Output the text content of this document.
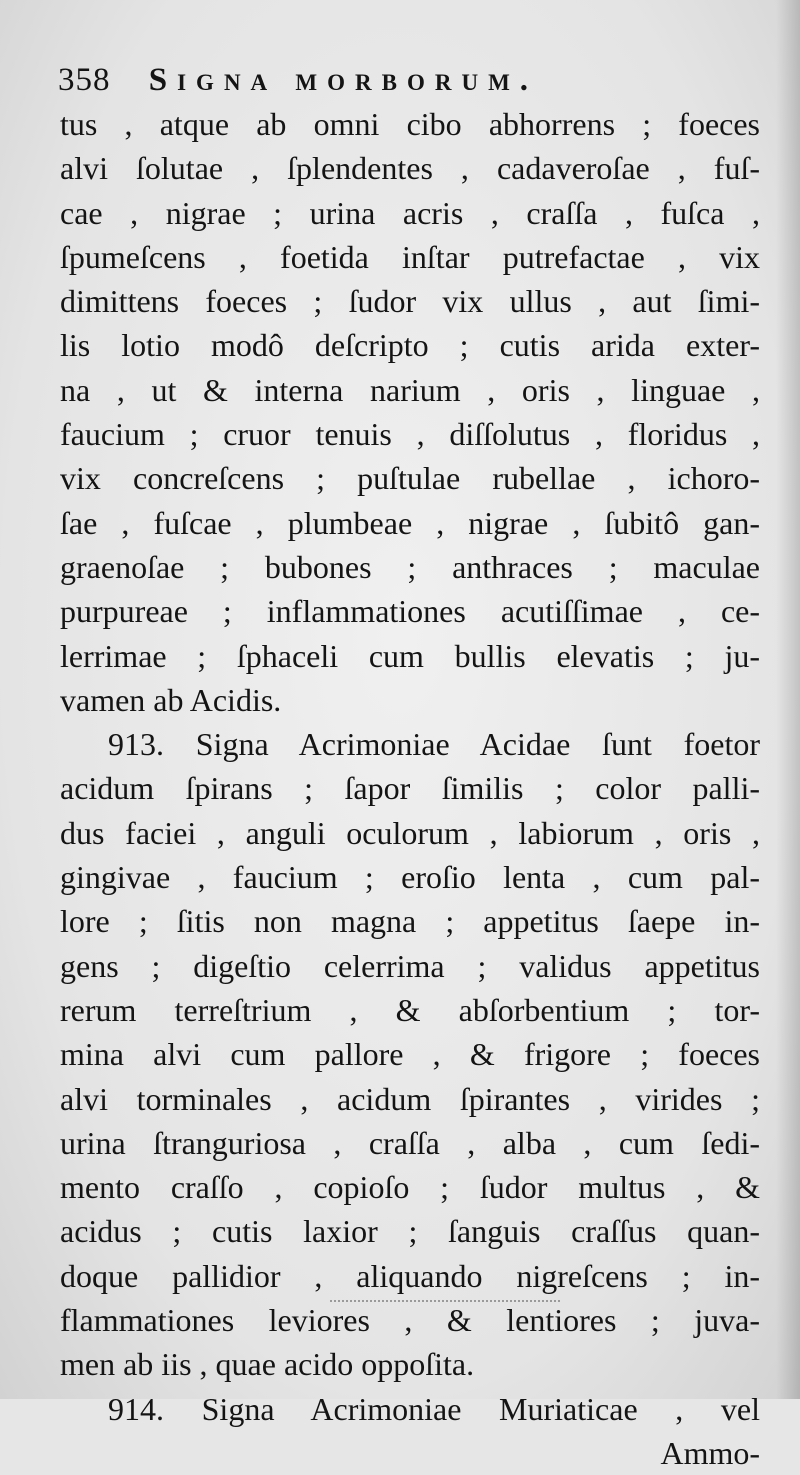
358 Signa morborum.
tus , atque ab omni cibo abhorrens ; foeces
alvi ſolutae , ſplendentes , cadaveroſae , fuſ-
cae , nigrae ; urina acris , craſſa , fuſca ,
ſpumeſcens , foetida inſtar putrefactae , vix
dimittens foeces ; ſudor vix ullus , aut ſimi-
lis lotio modô deſcripto ; cutis arida exter-
na , ut & interna narium , oris , linguae ,
faucium ; cruor tenuis , diſſolutus , floridus ,
vix concreſcens ; puſtulae rubellae , ichoro-
ſae , fuſcae , plumbeae , nigrae , ſubitô gan-
graenoſae ; bubones ; anthraces ; maculae
purpureae ; inflammationes acutiſſimae , ce-
lerrimae ; ſphaceli cum bullis elevatis ; ju-
vamen ab Acidis.
913. Signa Acrimoniae Acidae ſunt foetor
acidum ſpirans ; ſapor ſimilis ; color palli-
dus faciei , anguli oculorum , labiorum , oris ,
gingivae , faucium ; eroſio lenta , cum pal-
lore ; ſitis non magna ; appetitus ſaepe in-
gens ; digeſtio celerrima ; validus appetitus
rerum terreſtrium , & abſorbentium ; tor-
mina alvi cum pallore , & frigore ; foeces
alvi torminales , acidum ſpirantes , virides ;
urina ſtranguriosa , craſſa , alba , cum ſedi-
mento craſſo , copioſo ; ſudor multus , &
acidus ; cutis laxior ; ſanguis craſſus quan-
doque pallidior , aliquando nigreſcens ; in-
flammationes leviores , & lentiores ; juva-
men ab iis , quae acido oppoſita.
914. Signa Acrimoniae Muriaticae , vel
Ammo-
